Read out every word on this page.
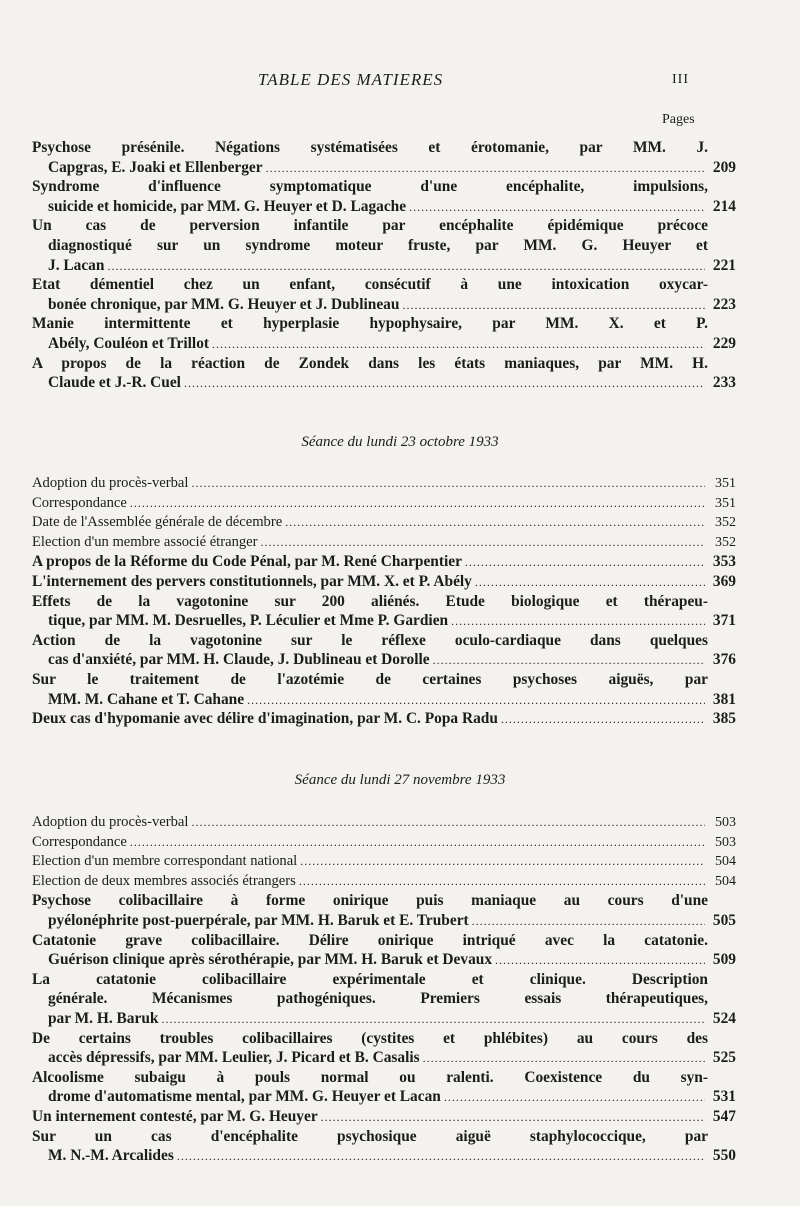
TABLE DES MATIERES	III
Pages
Psychose présénile. Négations systématisées et érotomanie, par MM. J.
Capgras, E. Joaki et Ellenberger .....	209
Syndrome d'influence symptomatique d'une encéphalite, impulsions,
suicide et homicide, par MM. G. Heuyer et D. Lagache .....	214
Un cas de perversion infantile par encéphalite épidémique précoce
diagnostiqué sur un syndrome moteur fruste, par MM. G. Heuyer et
J. Lacan .....	221
Etat démentiel chez un enfant, consécutif à une intoxication oxycar-
bonée chronique, par MM. G. Heuyer et J. Dublineau .....	223
Manie intermittente et hyperplasie hypophysaire, par MM. X. et P.
Abély, Couléon et Trillot .....	229
A propos de la réaction de Zondek dans les états maniaques, par MM. H.
Claude et J.-R. Cuel .....	233
Séance du lundi 23 octobre 1933
Adoption du procès-verbal .....	351
Correspondance .....	351
Date de l'Assemblée générale de décembre .....	352
Election d'un membre associé étranger .....	352
A propos de la Réforme du Code Pénal, par M. René Charpentier .....	353
L'internement des pervers constitutionnels, par MM. X. et P. Abély .....	369
Effets de la vagotonine sur 200 aliénés. Etude biologique et thérapeu-
tique, par MM. M. Desruelles, P. Léculier et Mme P. Gardien .....	371
Action de la vagotonine sur le réflexe oculo-cardiaque dans quelques
cas d'anxiété, par MM. H. Claude, J. Dublineau et Dorolle .....	376
Sur le traitement de l'azotémie de certaines psychoses aiguës, par
MM. M. Cahane et T. Cahane .....	381
Deux cas d'hypomanie avec délire d'imagination, par M. C. Popa Radu .....	385
Séance du lundi 27 novembre 1933
Adoption du procès-verbal .....	503
Correspondance .....	503
Election d'un membre correspondant national .....	504
Election de deux membres associés étrangers .....	504
Psychose colibacillaire à forme onirique puis maniaque au cours d'une
pyélonéphrite post-puerpérale, par MM. H. Baruk et E. Trubert .....	505
Catatonie grave colibacillaire. Délire onirique intriqué avec la catatonie.
Guérison clinique après sérothérapie, par MM. H. Baruk et Devaux .....	509
La catatonie colibacillaire expérimentale et clinique. Description
générale. Mécanismes pathogéniques. Premiers essais thérapeutiques,
par M. H. Baruk .....	524
De certains troubles colibacillaires (cystites et phlébites) au cours des
accès dépressifs, par MM. Leulier, J. Picard et B. Casalis .....	525
Alcoolisme subaigu à pouls normal ou ralenti. Coexistence du syn-
drome d'automatisme mental, par MM. G. Heuyer et Lacan .....	531
Un internement contesté, par M. G. Heuyer .....	547
Sur un cas d'encéphalite psychosique aiguë staphylococcique, par
M. N.-M. Arcalides .....	550
